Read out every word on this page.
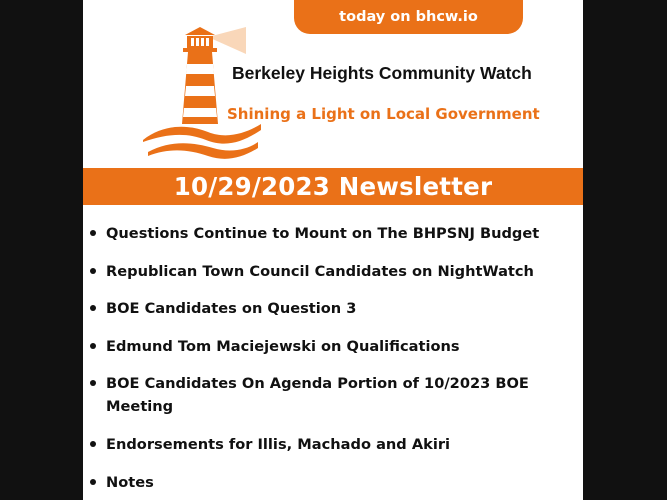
today on bhcw.io
Berkeley Heights Community Watch
Shining a Light on Local Government
10/29/2023 Newsletter
Questions Continue to Mount on The BHPSNJ Budget
Republican Town Council Candidates on NightWatch
BOE Candidates on Question 3
Edmund Tom Maciejewski on Qualifications
BOE Candidates On Agenda Portion of 10/2023 BOE Meeting
Endorsements for Illis, Machado and Akiri
Notes
